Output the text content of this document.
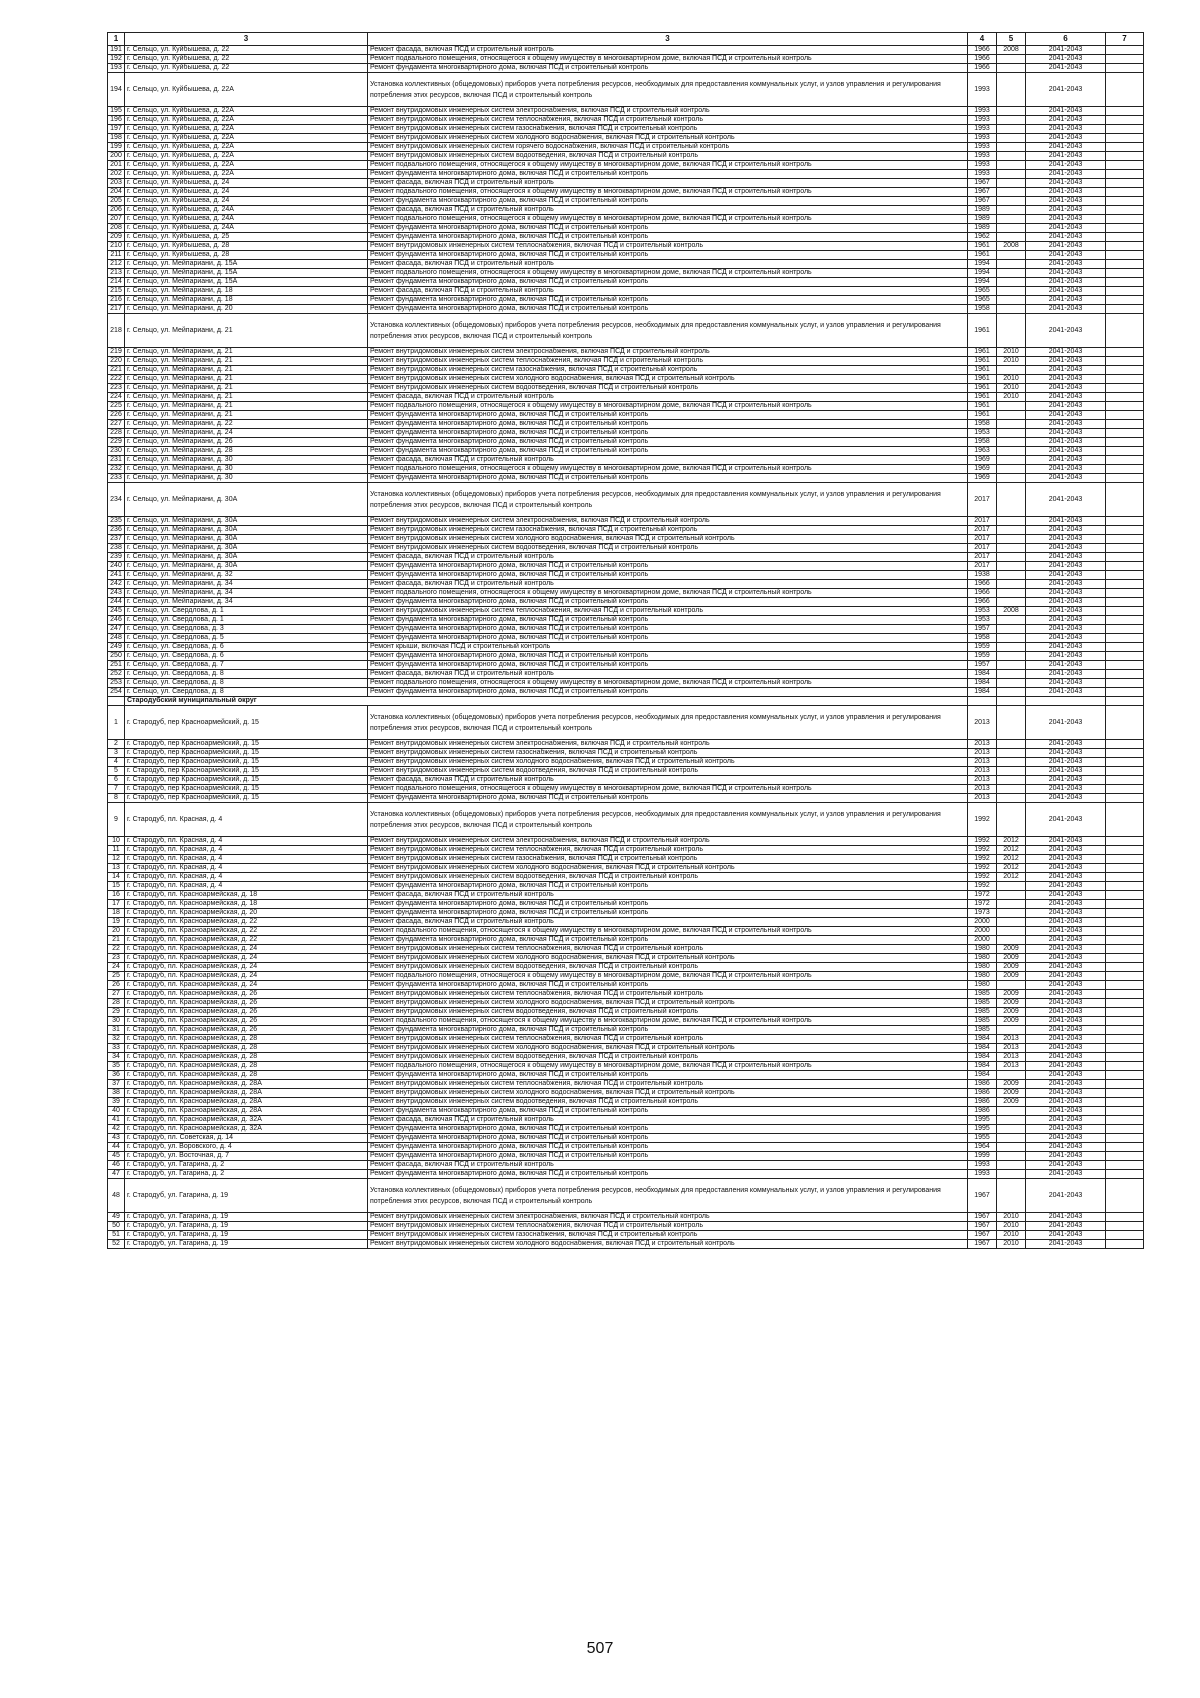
1	3	3	4	5	6	7
191	г. Сельцо, ул. Куйбышева, д. 22	Ремонт фасада, включая ПСД и строительный контроль	1966	2008	2041-2043	
192	г. Сельцо, ул. Куйбышева, д. 22	Ремонт подвального помещения, относящегося к общему имуществу в многоквартирном доме, включая ПСД и строительный контроль	1966		2041-2043	
193	г. Сельцо, ул. Куйбышева, д. 22	Ремонт фундамента многоквартирного дома, включая ПСД и строительный контроль	1966		2041-2043	
194	г. Сельцо, ул. Куйбышева, д. 22А	Установка коллективных (общедомовых) приборов учета потребления ресурсов, необходимых для предоставления коммунальных услуг, и узлов управления и регулирования потребления этих ресурсов, включая ПСД и строительный контроль	1993		2041-2043	
195	г. Сельцо, ул. Куйбышева, д. 22А	Ремонт внутридомовых инженерных систем электроснабжения, включая ПСД и строительный контроль	1993		2041-2043	
196	г. Сельцо, ул. Куйбышева, д. 22А	Ремонт внутридомовых инженерных систем теплоснабжения, включая ПСД и строительный контроль	1993		2041-2043	
197	г. Сельцо, ул. Куйбышева, д. 22А	Ремонт внутридомовых инженерных систем газоснабжения, включая ПСД и строительный контроль	1993		2041-2043	
198	г. Сельцо, ул. Куйбышева, д. 22А	Ремонт внутридомовых инженерных систем холодного водоснабжения, включая ПСД и строительный контроль	1993		2041-2043	
199	г. Сельцо, ул. Куйбышева, д. 22А	Ремонт внутридомовых инженерных систем горячего водоснабжения, включая ПСД и строительный контроль	1993		2041-2043	
200	г. Сельцо, ул. Куйбышева, д. 22А	Ремонт внутридомовых инженерных систем водоотведения, включая ПСД и строительный контроль	1993		2041-2043	
201	г. Сельцо, ул. Куйбышева, д. 22А	Ремонт подвального помещения, относящегося к общему имуществу в многоквартирном доме, включая ПСД и строительный контроль	1993		2041-2043	
202	г. Сельцо, ул. Куйбышева, д. 22А	Ремонт фундамента многоквартирного дома, включая ПСД и строительный контроль	1993		2041-2043	
203	г. Сельцо, ул. Куйбышева, д. 24	Ремонт фасада, включая ПСД и строительный контроль	1967		2041-2043	
204	г. Сельцо, ул. Куйбышева, д. 24	Ремонт подвального помещения, относящегося к общему имуществу в многоквартирном доме, включая ПСД и строительный контроль	1967		2041-2043	
205	г. Сельцо, ул. Куйбышева, д. 24	Ремонт фундамента многоквартирного дома, включая ПСД и строительный контроль	1967		2041-2043	
206	г. Сельцо, ул. Куйбышева, д. 24А	Ремонт фасада, включая ПСД и строительный контроль	1989		2041-2043	
207	г. Сельцо, ул. Куйбышева, д. 24А	Ремонт подвального помещения, относящегося к общему имуществу в многоквартирном доме, включая ПСД и строительный контроль	1989		2041-2043	
208	г. Сельцо, ул. Куйбышева, д. 24А	Ремонт фундамента многоквартирного дома, включая ПСД и строительный контроль	1989		2041-2043	
209	г. Сельцо, ул. Куйбышева, д. 25	Ремонт фундамента многоквартирного дома, включая ПСД и строительный контроль	1962		2041-2043	
210	г. Сельцо, ул. Куйбышева, д. 28	Ремонт внутридомовых инженерных систем теплоснабжения, включая ПСД и строительный контроль	1961	2008	2041-2043	
211	г. Сельцо, ул. Куйбышева, д. 28	Ремонт фундамента многоквартирного дома, включая ПСД и строительный контроль	1961		2041-2043	
212	г. Сельцо, ул. Мейпариани, д. 15А	Ремонт фасада, включая ПСД и строительный контроль	1994		2041-2043	
213	г. Сельцо, ул. Мейпариани, д. 15А	Ремонт подвального помещения, относящегося к общему имуществу в многоквартирном доме, включая ПСД и строительный контроль	1994		2041-2043	
214	г. Сельцо, ул. Мейпариани, д. 15А	Ремонт фундамента многоквартирного дома, включая ПСД и строительный контроль	1994		2041-2043	
215	г. Сельцо, ул. Мейпариани, д. 18	Ремонт фасада, включая ПСД и строительный контроль	1965		2041-2043	
216	г. Сельцо, ул. Мейпариани, д. 18	Ремонт фундамента многоквартирного дома, включая ПСД и строительный контроль	1965		2041-2043	
217	г. Сельцо, ул. Мейпариани, д. 20	Ремонт фундамента многоквартирного дома, включая ПСД и строительный контроль	1958		2041-2043	
218	г. Сельцо, ул. Мейпариани, д. 21	Установка коллективных (общедомовых) приборов учета потребления ресурсов, необходимых для предоставления коммунальных услуг, и узлов управления и регулирования потребления этих ресурсов, включая ПСД и строительный контроль	1961		2041-2043	
219	г. Сельцо, ул. Мейпариани, д. 21	Ремонт внутридомовых инженерных систем электроснабжения, включая ПСД и строительный контроль	1961	2010	2041-2043	
220	г. Сельцо, ул. Мейпариани, д. 21	Ремонт внутридомовых инженерных систем теплоснабжения, включая ПСД и строительный контроль	1961	2010	2041-2043	
221	г. Сельцо, ул. Мейпариани, д. 21	Ремонт внутридомовых инженерных систем газоснабжения, включая ПСД и строительный контроль	1961		2041-2043	
222	г. Сельцо, ул. Мейпариани, д. 21	Ремонт внутридомовых инженерных систем холодного водоснабжения, включая ПСД и строительный контроль	1961	2010	2041-2043	
223	г. Сельцо, ул. Мейпариани, д. 21	Ремонт внутридомовых инженерных систем водоотведения, включая ПСД и строительный контроль	1961	2010	2041-2043	
224	г. Сельцо, ул. Мейпариани, д. 21	Ремонт фасада, включая ПСД и строительный контроль	1961	2010	2041-2043	
225	г. Сельцо, ул. Мейпариани, д. 21	Ремонт подвального помещения, относящегося к общему имуществу в многоквартирном доме, включая ПСД и строительный контроль	1961		2041-2043	
226	г. Сельцо, ул. Мейпариани, д. 21	Ремонт фундамента многоквартирного дома, включая ПСД и строительный контроль	1961		2041-2043	
227	г. Сельцо, ул. Мейпариани, д. 22	Ремонт фундамента многоквартирного дома, включая ПСД и строительный контроль	1958		2041-2043	
228	г. Сельцо, ул. Мейпариани, д. 24	Ремонт фундамента многоквартирного дома, включая ПСД и строительный контроль	1953		2041-2043	
229	г. Сельцо, ул. Мейпариани, д. 26	Ремонт фундамента многоквартирного дома, включая ПСД и строительный контроль	1958		2041-2043	
230	г. Сельцо, ул. Мейпариани, д. 28	Ремонт фундамента многоквартирного дома, включая ПСД и строительный контроль	1963		2041-2043	
231	г. Сельцо, ул. Мейпариани, д. 30	Ремонт фасада, включая ПСД и строительный контроль	1969		2041-2043	
232	г. Сельцо, ул. Мейпариани, д. 30	Ремонт подвального помещения, относящегося к общему имуществу в многоквартирном доме, включая ПСД и строительный контроль	1969		2041-2043	
233	г. Сельцо, ул. Мейпариани, д. 30	Ремонт фундамента многоквартирного дома, включая ПСД и строительный контроль	1969		2041-2043	
234	г. Сельцо, ул. Мейпариани, д. 30А	Установка коллективных (общедомовых) приборов учета потребления ресурсов, необходимых для предоставления коммунальных услуг, и узлов управления и регулирования потребления этих ресурсов, включая ПСД и строительный контроль	2017		2041-2043	
235	г. Сельцо, ул. Мейпариани, д. 30А	Ремонт внутридомовых инженерных систем электроснабжения, включая ПСД и строительный контроль	2017		2041-2043	
236	г. Сельцо, ул. Мейпариани, д. 30А	Ремонт внутридомовых инженерных систем газоснабжения, включая ПСД и строительный контроль	2017		2041-2043	
237	г. Сельцо, ул. Мейпариани, д. 30А	Ремонт внутридомовых инженерных систем холодного водоснабжения, включая ПСД и строительный контроль	2017		2041-2043	
238	г. Сельцо, ул. Мейпариани, д. 30А	Ремонт внутридомовых инженерных систем водоотведения, включая ПСД и строительный контроль	2017		2041-2043	
239	г. Сельцо, ул. Мейпариани, д. 30А	Ремонт фасада, включая ПСД и строительный контроль	2017		2041-2043	
240	г. Сельцо, ул. Мейпариани, д. 30А	Ремонт фундамента многоквартирного дома, включая ПСД и строительный контроль	2017		2041-2043	
241	г. Сельцо, ул. Мейпариани, д. 32	Ремонт фундамента многоквартирного дома, включая ПСД и строительный контроль	1938		2041-2043	
242	г. Сельцо, ул. Мейпариани, д. 34	Ремонт фасада, включая ПСД и строительный контроль	1966		2041-2043	
243	г. Сельцо, ул. Мейпариани, д. 34	Ремонт подвального помещения, относящегося к общему имуществу в многоквартирном доме, включая ПСД и строительный контроль	1966		2041-2043	
244	г. Сельцо, ул. Мейпариани, д. 34	Ремонт фундамента многоквартирного дома, включая ПСД и строительный контроль	1966		2041-2043	
245	г. Сельцо, ул. Свердлова, д. 1	Ремонт внутридомовых инженерных систем теплоснабжения, включая ПСД и строительный контроль	1953	2008	2041-2043	
246	г. Сельцо, ул. Свердлова, д. 1	Ремонт фундамента многоквартирного дома, включая ПСД и строительный контроль	1953		2041-2043	
247	г. Сельцо, ул. Свердлова, д. 3	Ремонт фундамента многоквартирного дома, включая ПСД и строительный контроль	1957		2041-2043	
248	г. Сельцо, ул. Свердлова, д. 5	Ремонт фундамента многоквартирного дома, включая ПСД и строительный контроль	1958		2041-2043	
249	г. Сельцо, ул. Свердлова, д. 6	Ремонт крыши, включая ПСД и строительный контроль	1959		2041-2043	
250	г. Сельцо, ул. Свердлова, д. 6	Ремонт фундамента многоквартирного дома, включая ПСД и строительный контроль	1959		2041-2043	
251	г. Сельцо, ул. Свердлова, д. 7	Ремонт фундамента многоквартирного дома, включая ПСД и строительный контроль	1957		2041-2043	
252	г. Сельцо, ул. Свердлова, д. 8	Ремонт фасада, включая ПСД и строительный контроль	1984		2041-2043	
253	г. Сельцо, ул. Свердлова, д. 8	Ремонт подвального помещения, относящегося к общему имуществу в многоквартирном доме, включая ПСД и строительный контроль	1984		2041-2043	
254	г. Сельцо, ул. Свердлова, д. 8	Ремонт фундамента многоквартирного дома, включая ПСД и строительный контроль	1984		2041-2043	
	Стародубский муниципальный округ					
1	г. Стародуб, пер Красноармейский, д. 15	Установка коллективных (общедомовых) приборов учета потребления ресурсов, необходимых для предоставления коммунальных услуг, и узлов управления и регулирования потребления этих ресурсов, включая ПСД и строительный контроль	2013		2041-2043	
2	г. Стародуб, пер Красноармейский, д. 15	Ремонт внутридомовых инженерных систем электроснабжения, включая ПСД и строительный контроль	2013		2041-2043	
3	г. Стародуб, пер Красноармейский, д. 15	Ремонт внутридомовых инженерных систем газоснабжения, включая ПСД и строительный контроль	2013		2041-2043	
4	г. Стародуб, пер Красноармейский, д. 15	Ремонт внутридомовых инженерных систем холодного водоснабжения, включая ПСД и строительный контроль	2013		2041-2043	
5	г. Стародуб, пер Красноармейский, д. 15	Ремонт внутридомовых инженерных систем водоотведения, включая ПСД и строительный контроль	2013		2041-2043	
6	г. Стародуб, пер Красноармейский, д. 15	Ремонт фасада, включая ПСД и строительный контроль	2013		2041-2043	
7	г. Стародуб, пер Красноармейский, д. 15	Ремонт подвального помещения, относящегося к общему имуществу в многоквартирном доме, включая ПСД и строительный контроль	2013		2041-2043	
8	г. Стародуб, пер Красноармейский, д. 15	Ремонт фундамента многоквартирного дома, включая ПСД и строительный контроль	2013		2041-2043	
9	г. Стародуб, пл. Красная, д. 4	Установка коллективных (общедомовых) приборов учета потребления ресурсов, необходимых для предоставления коммунальных услуг, и узлов управления и регулирования потребления этих ресурсов, включая ПСД и строительный контроль	1992		2041-2043	
10	г. Стародуб, пл. Красная, д. 4	Ремонт внутридомовых инженерных систем электроснабжения, включая ПСД и строительный контроль	1992	2012	2041-2043	
11	г. Стародуб, пл. Красная, д. 4	Ремонт внутридомовых инженерных систем теплоснабжения, включая ПСД и строительный контроль	1992	2012	2041-2043	
12	г. Стародуб, пл. Красная, д. 4	Ремонт внутридомовых инженерных систем газоснабжения, включая ПСД и строительный контроль	1992	2012	2041-2043	
13	г. Стародуб, пл. Красная, д. 4	Ремонт внутридомовых инженерных систем холодного водоснабжения, включая ПСД и строительный контроль	1992	2012	2041-2043	
14	г. Стародуб, пл. Красная, д. 4	Ремонт внутридомовых инженерных систем водоотведения, включая ПСД и строительный контроль	1992	2012	2041-2043	
15	г. Стародуб, пл. Красная, д. 4	Ремонт фундамента многоквартирного дома, включая ПСД и строительный контроль	1992		2041-2043	
16	г. Стародуб, пл. Красноармейская, д. 18	Ремонт фасада, включая ПСД и строительный контроль	1972		2041-2043	
17	г. Стародуб, пл. Красноармейская, д. 18	Ремонт фундамента многоквартирного дома, включая ПСД и строительный контроль	1972		2041-2043	
18	г. Стародуб, пл. Красноармейская, д. 20	Ремонт фундамента многоквартирного дома, включая ПСД и строительный контроль	1973		2041-2043	
19	г. Стародуб, пл. Красноармейская, д. 22	Ремонт фасада, включая ПСД и строительный контроль	2000		2041-2043	
20	г. Стародуб, пл. Красноармейская, д. 22	Ремонт подвального помещения, относящегося к общему имуществу в многоквартирном доме, включая ПСД и строительный контроль	2000		2041-2043	
21	г. Стародуб, пл. Красноармейская, д. 22	Ремонт фундамента многоквартирного дома, включая ПСД и строительный контроль	2000		2041-2043	
22	г. Стародуб, пл. Красноармейская, д. 24	Ремонт внутридомовых инженерных систем теплоснабжения, включая ПСД и строительный контроль	1980	2009	2041-2043	
23	г. Стародуб, пл. Красноармейская, д. 24	Ремонт внутридомовых инженерных систем холодного водоснабжения, включая ПСД и строительный контроль	1980	2009	2041-2043	
24	г. Стародуб, пл. Красноармейская, д. 24	Ремонт внутридомовых инженерных систем водоотведения, включая ПСД и строительный контроль	1980	2009	2041-2043	
25	г. Стародуб, пл. Красноармейская, д. 24	Ремонт подвального помещения, относящегося к общему имуществу в многоквартирном доме, включая ПСД и строительный контроль	1980	2009	2041-2043	
26	г. Стародуб, пл. Красноармейская, д. 24	Ремонт фундамента многоквартирного дома, включая ПСД и строительный контроль	1980		2041-2043	
27	г. Стародуб, пл. Красноармейская, д. 26	Ремонт внутридомовых инженерных систем теплоснабжения, включая ПСД и строительный контроль	1985	2009	2041-2043	
28	г. Стародуб, пл. Красноармейская, д. 26	Ремонт внутридомовых инженерных систем холодного водоснабжения, включая ПСД и строительный контроль	1985	2009	2041-2043	
29	г. Стародуб, пл. Красноармейская, д. 26	Ремонт внутридомовых инженерных систем водоотведения, включая ПСД и строительный контроль	1985	2009	2041-2043	
30	г. Стародуб, пл. Красноармейская, д. 26	Ремонт подвального помещения, относящегося к общему имуществу в многоквартирном доме, включая ПСД и строительный контроль	1985	2009	2041-2043	
31	г. Стародуб, пл. Красноармейская, д. 26	Ремонт фундамента многоквартирного дома, включая ПСД и строительный контроль	1985		2041-2043	
32	г. Стародуб, пл. Красноармейская, д. 28	Ремонт внутридомовых инженерных систем теплоснабжения, включая ПСД и строительный контроль	1984	2013	2041-2043	
33	г. Стародуб, пл. Красноармейская, д. 28	Ремонт внутридомовых инженерных систем холодного водоснабжения, включая ПСД и строительный контроль	1984	2013	2041-2043	
34	г. Стародуб, пл. Красноармейская, д. 28	Ремонт внутридомовых инженерных систем водоотведения, включая ПСД и строительный контроль	1984	2013	2041-2043	
35	г. Стародуб, пл. Красноармейская, д. 28	Ремонт подвального помещения, относящегося к общему имуществу в многоквартирном доме, включая ПСД и строительный контроль	1984	2013	2041-2043	
36	г. Стародуб, пл. Красноармейская, д. 28	Ремонт фундамента многоквартирного дома, включая ПСД и строительный контроль	1984		2041-2043	
37	г. Стародуб, пл. Красноармейская, д. 28А	Ремонт внутридомовых инженерных систем теплоснабжения, включая ПСД и строительный контроль	1986	2009	2041-2043	
38	г. Стародуб, пл. Красноармейская, д. 28А	Ремонт внутридомовых инженерных систем холодного водоснабжения, включая ПСД и строительный контроль	1986	2009	2041-2043	
39	г. Стародуб, пл. Красноармейская, д. 28А	Ремонт внутридомовых инженерных систем водоотведения, включая ПСД и строительный контроль	1986	2009	2041-2043	
40	г. Стародуб, пл. Красноармейская, д. 28А	Ремонт фундамента многоквартирного дома, включая ПСД и строительный контроль	1986		2041-2043	
41	г. Стародуб, пл. Красноармейская, д. 32А	Ремонт фасада, включая ПСД и строительный контроль	1995		2041-2043	
42	г. Стародуб, пл. Красноармейская, д. 32А	Ремонт фундамента многоквартирного дома, включая ПСД и строительный контроль	1995		2041-2043	
43	г. Стародуб, пл. Советская, д. 14	Ремонт фундамента многоквартирного дома, включая ПСД и строительный контроль	1955		2041-2043	
44	г. Стародуб, ул. Воровского, д. 4	Ремонт фундамента многоквартирного дома, включая ПСД и строительный контроль	1964		2041-2043	
45	г. Стародуб, ул. Восточная, д. 7	Ремонт фундамента многоквартирного дома, включая ПСД и строительный контроль	1999		2041-2043	
46	г. Стародуб, ул. Гагарина, д. 2	Ремонт фасада, включая ПСД и строительный контроль	1993		2041-2043	
47	г. Стародуб, ул. Гагарина, д. 2	Ремонт фундамента многоквартирного дома, включая ПСД и строительный контроль	1993		2041-2043	
48	г. Стародуб, ул. Гагарина, д. 19	Установка коллективных (общедомовых) приборов учета потребления ресурсов, необходимых для предоставления коммунальных услуг, и узлов управления и регулирования потребления этих ресурсов, включая ПСД и строительный контроль	1967		2041-2043	
49	г. Стародуб, ул. Гагарина, д. 19	Ремонт внутридомовых инженерных систем электроснабжения, включая ПСД и строительный контроль	1967	2010	2041-2043	
50	г. Стародуб, ул. Гагарина, д. 19	Ремонт внутридомовых инженерных систем теплоснабжения, включая ПСД и строительный контроль	1967	2010	2041-2043	
51	г. Стародуб, ул. Гагарина, д. 19	Ремонт внутридомовых инженерных систем газоснабжения, включая ПСД и строительный контроль	1967	2010	2041-2043	
52	г. Стародуб, ул. Гагарина, д. 19	Ремонт внутридомовых инженерных систем холодного водоснабжения, включая ПСД и строительный контроль	1967	2010	2041-2043	
507
